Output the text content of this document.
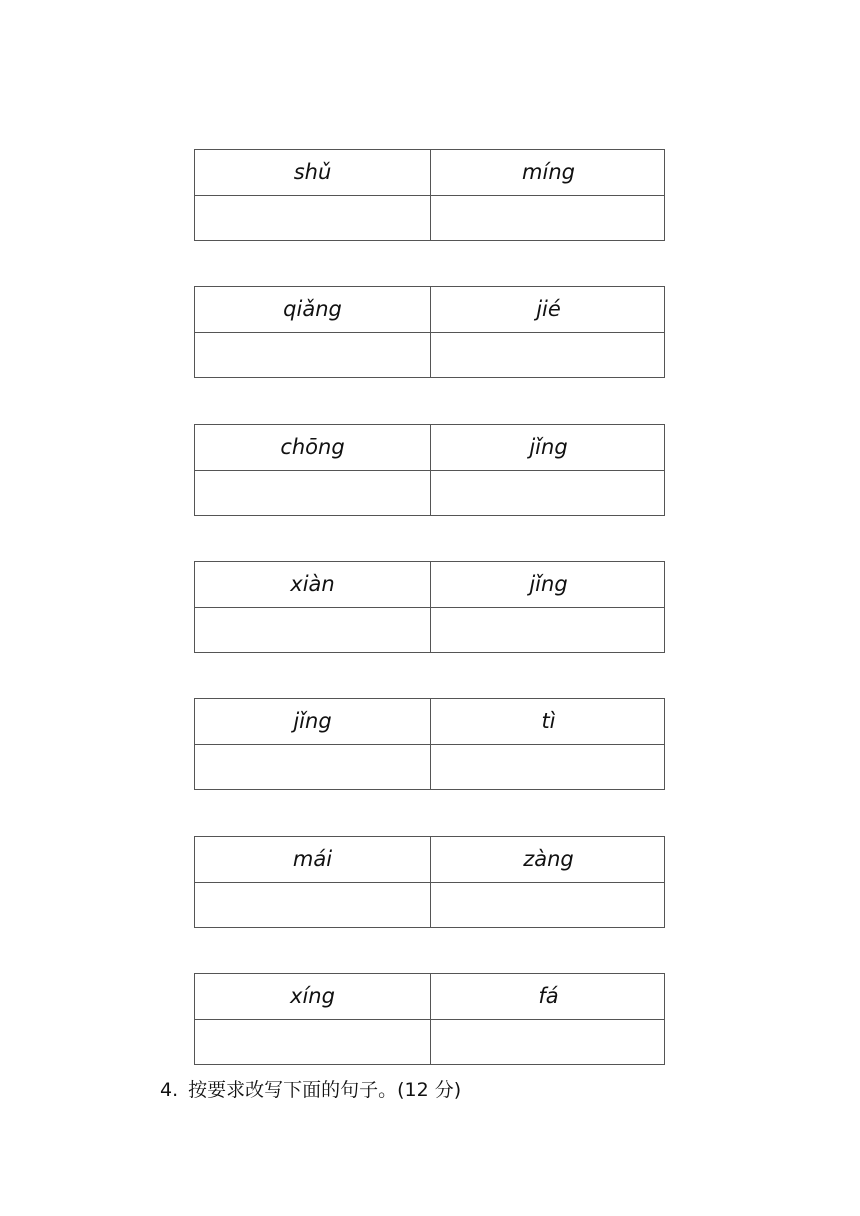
shǔ	míng
qiǎng	jié
chōng	jǐng
xiàn	jǐng
jǐng	tì
mái	zàng
xíng	fá
4. 按要求改写下面的句子。(12 分)
